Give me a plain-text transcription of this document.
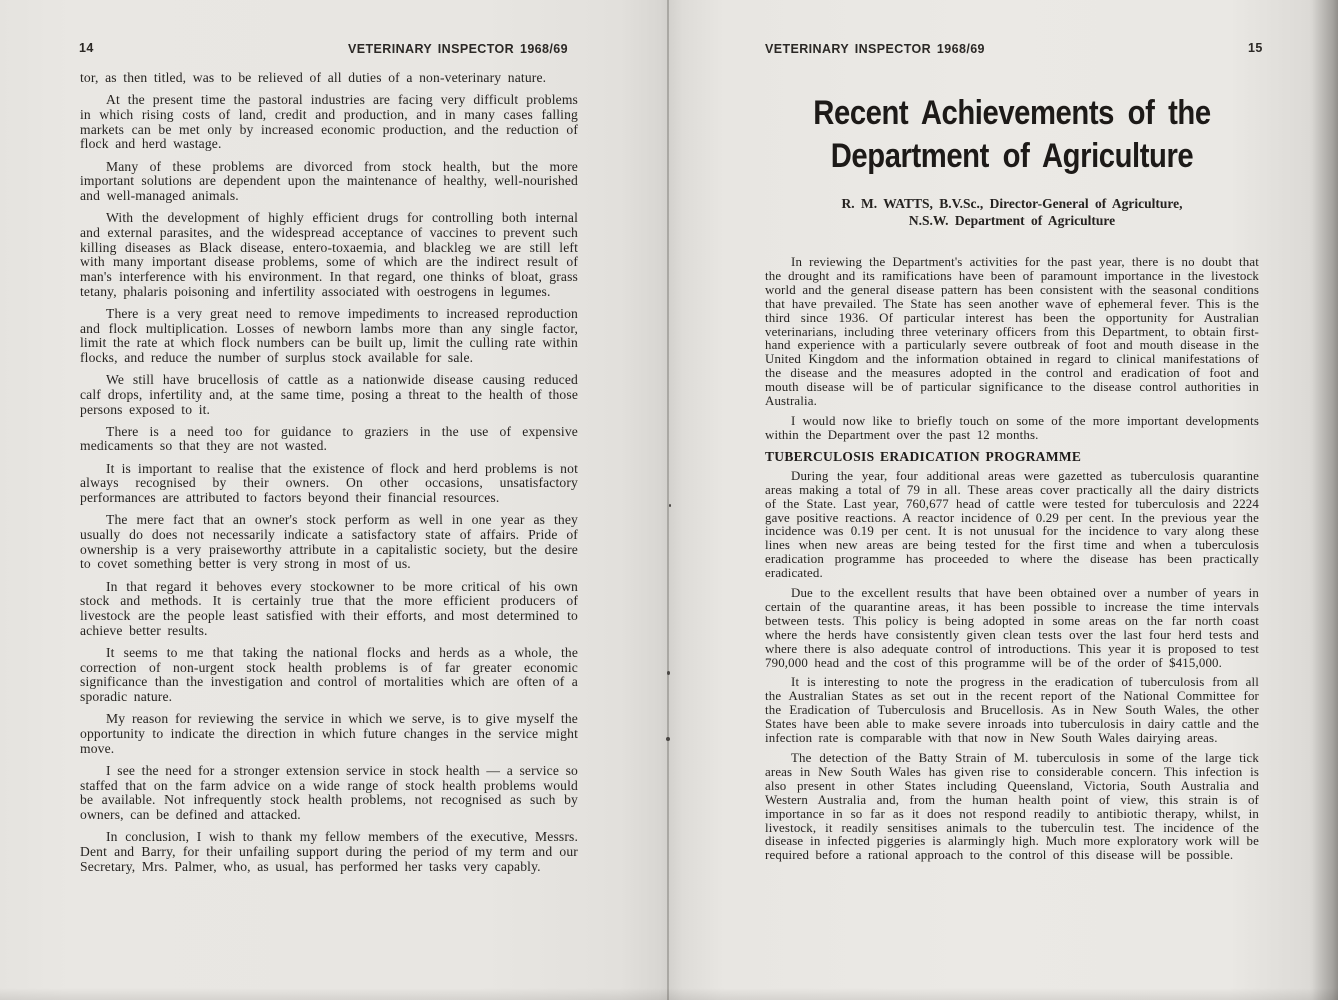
14	VETERINARY INSPECTOR 1968/69	VETERINARY INSPECTOR 1968/69	15

tor, as then titled, was to be relieved of all duties of a non-veterinary nature.

At the present time the pastoral industries are facing very difficult problems in which rising costs of land, credit and production, and in many cases falling markets can be met only by increased economic production, and the reduction of flock and herd wastage.

Many of these problems are divorced from stock health, but the more important solutions are dependent upon the maintenance of healthy, well-nourished and well-managed animals.

With the development of highly efficient drugs for controlling both internal and external parasites, and the widespread acceptance of vaccines to prevent such killing diseases as Black disease, entero-toxaemia, and blackleg we are still left with many important disease problems, some of which are the indirect result of man's interference with his environment. In that regard, one thinks of bloat, grass tetany, phalaris poisoning and infertility associated with oestrogens in legumes.

There is a very great need to remove impediments to increased reproduction and flock multiplication. Losses of newborn lambs more than any single factor, limit the rate at which flock numbers can be built up, limit the culling rate within flocks, and reduce the number of surplus stock available for sale.

We still have brucellosis of cattle as a nationwide disease causing reduced calf drops, infertility and, at the same time, posing a threat to the health of those persons exposed to it.

There is a need too for guidance to graziers in the use of expensive medicaments so that they are not wasted.

It is important to realise that the existence of flock and herd problems is not always recognised by their owners. On other occasions, unsatisfactory performances are attributed to factors beyond their financial resources.

The mere fact that an owner's stock perform as well in one year as they usually do does not necessarily indicate a satisfactory state of affairs. Pride of ownership is a very praiseworthy attribute in a capitalistic society, but the desire to covet something better is very strong in most of us.

In that regard it behoves every stockowner to be more critical of his own stock and methods. It is certainly true that the more efficient producers of livestock are the people least satisfied with their efforts, and most determined to achieve better results.

It seems to me that taking the national flocks and herds as a whole, the correction of non-urgent stock health problems is of far greater economic significance than the investigation and control of mortalities which are often of a sporadic nature.

My reason for reviewing the service in which we serve, is to give myself the opportunity to indicate the direction in which future changes in the service might move.

I see the need for a stronger extension service in stock health — a service so staffed that on the farm advice on a wide range of stock health problems would be available. Not infrequently stock health problems, not recognised as such by owners, can be defined and attacked.

In conclusion, I wish to thank my fellow members of the executive, Messrs. Dent and Barry, for their unfailing support during the period of my term and our Secretary, Mrs. Palmer, who, as usual, has performed her tasks very capably.

Recent Achievements of the
Department of Agriculture
R. M. WATTS, B.V.Sc., Director-General of Agriculture,
N.S.W. Department of Agriculture

In reviewing the Department's activities for the past year, there is no doubt that the drought and its ramifications have been of paramount importance in the livestock world and the general disease pattern has been consistent with the seasonal conditions that have prevailed. The State has seen another wave of ephemeral fever. This is the third since 1936. Of particular interest has been the opportunity for Australian veterinarians, including three veterinary officers from this Department, to obtain first-hand experience with a particularly severe outbreak of foot and mouth disease in the United Kingdom and the information obtained in regard to clinical manifestations of the disease and the measures adopted in the control and eradication of foot and mouth disease will be of particular significance to the disease control authorities in Australia.

I would now like to briefly touch on some of the more important developments within the Department over the past 12 months.

TUBERCULOSIS ERADICATION PROGRAMME

During the year, four additional areas were gazetted as tuberculosis quarantine areas making a total of 79 in all. These areas cover practically all the dairy districts of the State. Last year, 760,677 head of cattle were tested for tuberculosis and 2224 gave positive reactions. A reactor incidence of 0.29 per cent. In the previous year the incidence was 0.19 per cent. It is not unusual for the incidence to vary along these lines when new areas are being tested for the first time and when a tuberculosis eradication programme has proceeded to where the disease has been practically eradicated.

Due to the excellent results that have been obtained over a number of years in certain of the quarantine areas, it has been possible to increase the time intervals between tests. This policy is being adopted in some areas on the far north coast where the herds have consistently given clean tests over the last four herd tests and where there is also adequate control of introductions. This year it is proposed to test 790,000 head and the cost of this programme will be of the order of $415,000.

It is interesting to note the progress in the eradication of tuberculosis from all the Australian States as set out in the recent report of the National Committee for the Eradication of Tuberculosis and Brucellosis. As in New South Wales, the other States have been able to make severe inroads into tuberculosis in dairy cattle and the infection rate is comparable with that now in New South Wales dairying areas.

The detection of the Batty Strain of M. tuberculosis in some of the large tick areas in New South Wales has given rise to considerable concern. This infection is also present in other States including Queensland, Victoria, South Australia and Western Australia and, from the human health point of view, this strain is of importance in so far as it does not respond readily to antibiotic therapy, whilst, in livestock, it readily sensitises animals to the tuberculin test. The incidence of the disease in infected piggeries is alarmingly high. Much more exploratory work will be required before a rational approach to the control of this disease will be possible.
